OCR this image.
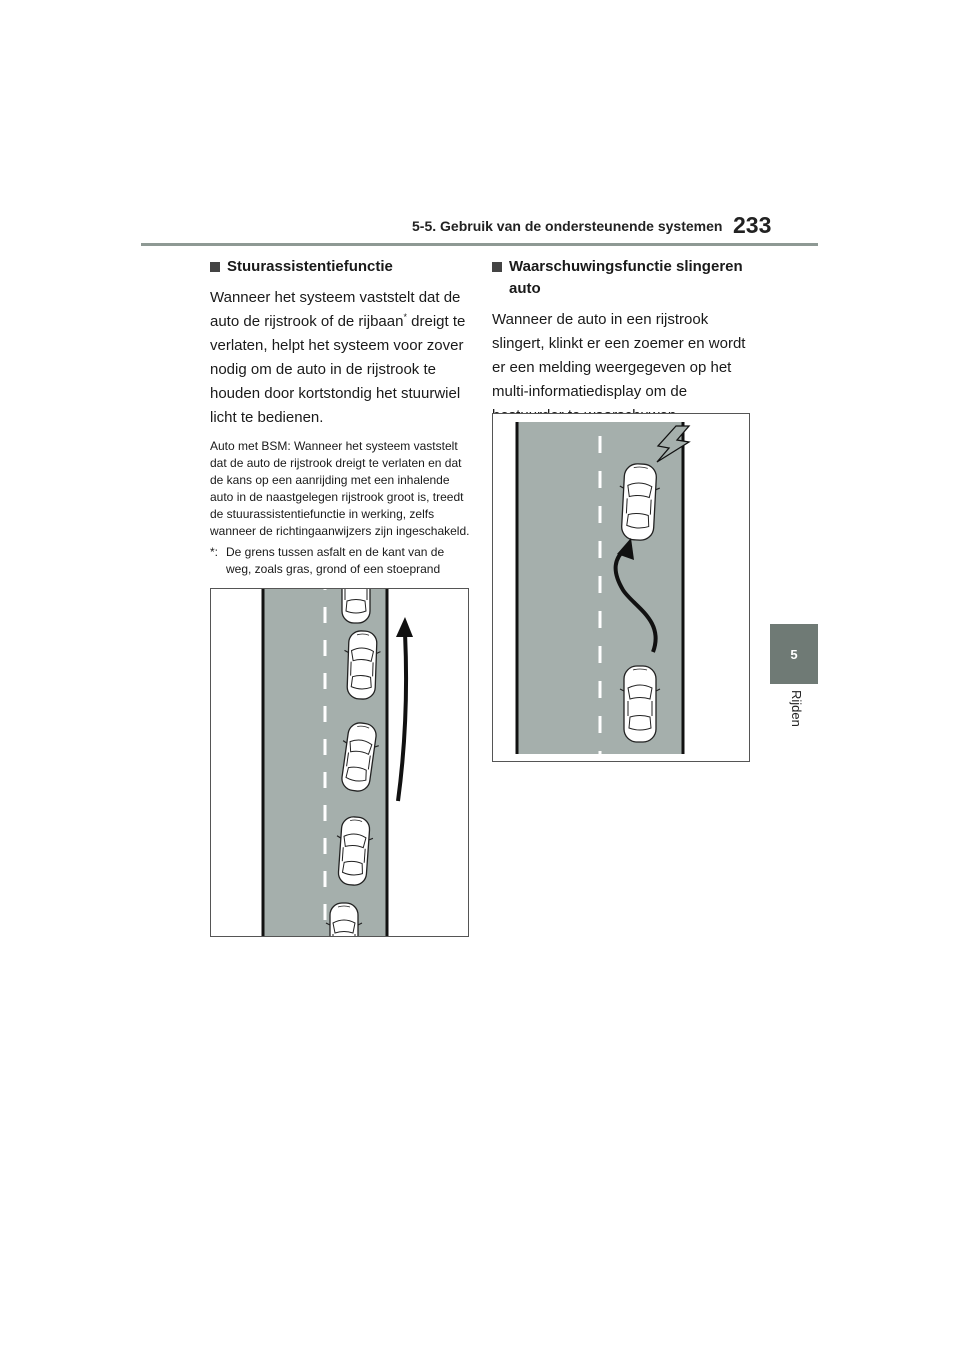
5-5. Gebruik van de ondersteunende systemen 233
5
Rijden
Stuurassistentiefunctie

Wanneer het systeem vaststelt dat de auto de rijstrook of de rijbaan* dreigt te verlaten, helpt het systeem voor zover nodig om de auto in de rijstrook te houden door kortstondig het stuurwiel licht te bedienen.

Auto met BSM: Wanneer het systeem vaststelt dat de auto de rijstrook dreigt te verlaten en dat de kans op een aanrijding met een inhalende auto in de naastgelegen rijstrook groot is, treedt de stuurassistentiefunctie in werking, zelfs wanneer de richtingaanwijzers zijn ingeschakeld.

*: De grens tussen asfalt en de kant van de weg, zoals gras, grond of een stoeprand
Waarschuwingsfunctie slingeren auto

Wanneer de auto in een rijstrook slingert, klinkt er een zoemer en wordt er een melding weergegeven op het multi-informatiedisplay om de
